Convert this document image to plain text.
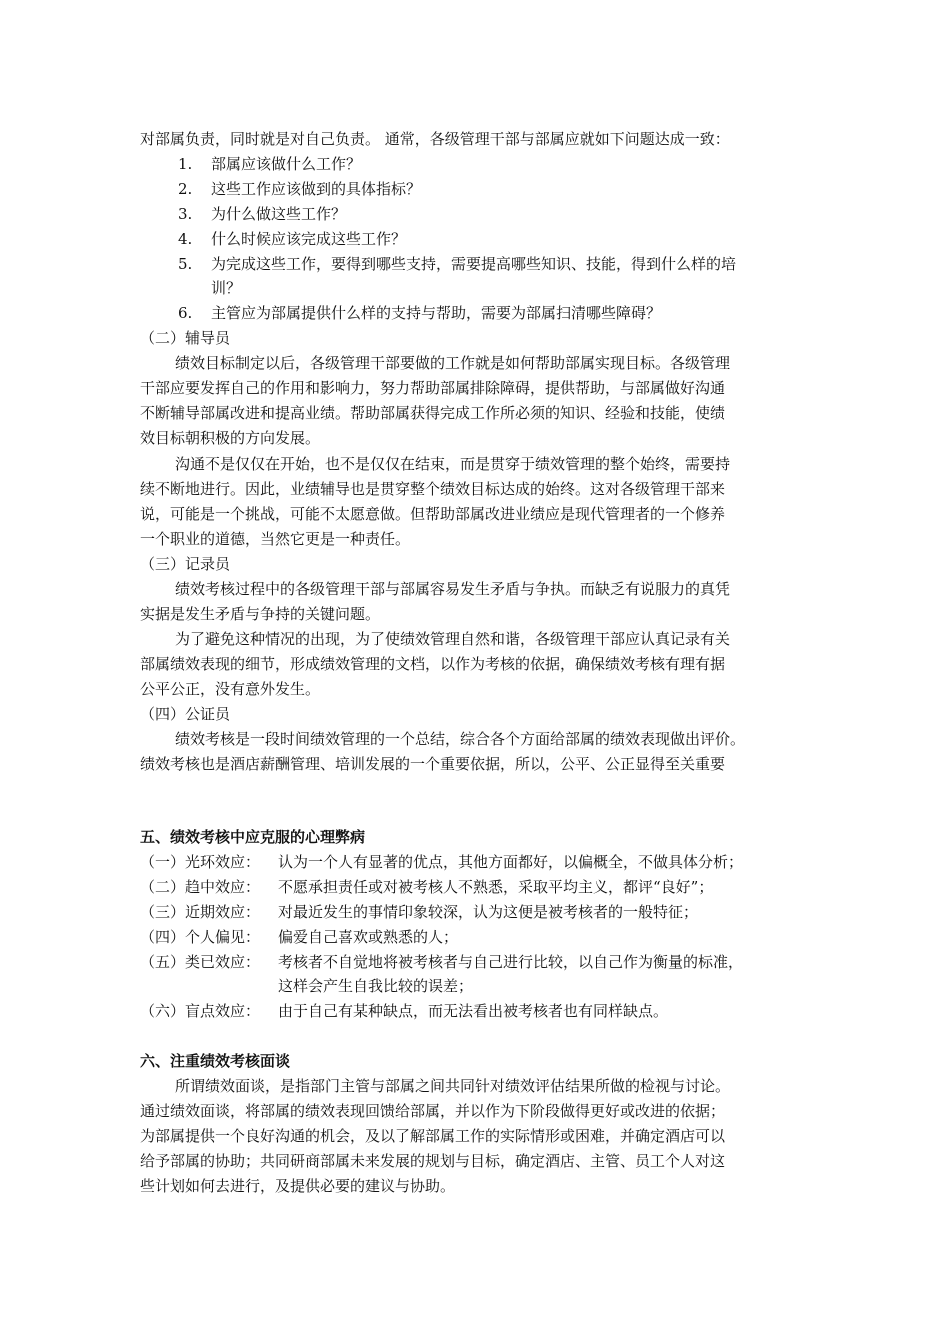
对部属负责，同时就是对自己负责。 通常，各级管理干部与部属应就如下问题达成一致：
1. 部属应该做什么工作？
2. 这些工作应该做到的具体指标？
3. 为什么做这些工作？
4. 什么时候应该完成这些工作？
5. 为完成这些工作，要得到哪些支持，需要提高哪些知识、技能，得到什么样的培
训？
6. 主管应为部属提供什么样的支持与帮助，需要为部属扫清哪些障碍？
（二）辅导员
绩效目标制定以后，各级管理干部要做的工作就是如何帮助部属实现目标。各级管理
干部应要发挥自己的作用和影响力，努力帮助部属排除障碍，提供帮助，与部属做好沟通
不断辅导部属改进和提高业绩。帮助部属获得完成工作所必须的知识、经验和技能，使绩
效目标朝积极的方向发展。
沟通不是仅仅在开始，也不是仅仅在结束，而是贯穿于绩效管理的整个始终，需要持
续不断地进行。因此，业绩辅导也是贯穿整个绩效目标达成的始终。这对各级管理干部来
说，可能是一个挑战，可能不太愿意做。但帮助部属改进业绩应是现代管理者的一个修养
一个职业的道德，当然它更是一种责任。
（三）记录员
绩效考核过程中的各级管理干部与部属容易发生矛盾与争执。而缺乏有说服力的真凭
实据是发生矛盾与争持的关键问题。
为了避免这种情况的出现，为了使绩效管理自然和谐，各级管理干部应认真记录有关
部属绩效表现的细节，形成绩效管理的文档，以作为考核的依据，确保绩效考核有理有据
公平公正，没有意外发生。
（四）公证员
绩效考核是一段时间绩效管理的一个总结，综合各个方面给部属的绩效表现做出评价。
绩效考核也是酒店薪酬管理、培训发展的一个重要依据，所以，公平、公正显得至关重要
五、绩效考核中应克服的心理弊病
（一）光环效应： 认为一个人有显著的优点，其他方面都好，以偏概全，不做具体分析；
（二）趋中效应： 不愿承担责任或对被考核人不熟悉，采取平均主义，都评“良好”；
（三）近期效应： 对最近发生的事情印象较深，认为这便是被考核者的一般特征；
（四）个人偏见： 偏爱自己喜欢或熟悉的人；
（五）类已效应： 考核者不自觉地将被考核者与自己进行比较，以自己作为衡量的标准，
这样会产生自我比较的误差；
（六）盲点效应： 由于自己有某种缺点，而无法看出被考核者也有同样缺点。
六、注重绩效考核面谈
所谓绩效面谈，是指部门主管与部属之间共同针对绩效评估结果所做的检视与讨论。
通过绩效面谈，将部属的绩效表现回馈给部属，并以作为下阶段做得更好或改进的依据；
为部属提供一个良好沟通的机会，及以了解部属工作的实际情形或困难，并确定酒店可以
给予部属的协助；共同研商部属未来发展的规划与目标，确定酒店、主管、员工个人对这
些计划如何去进行，及提供必要的建议与协助。
